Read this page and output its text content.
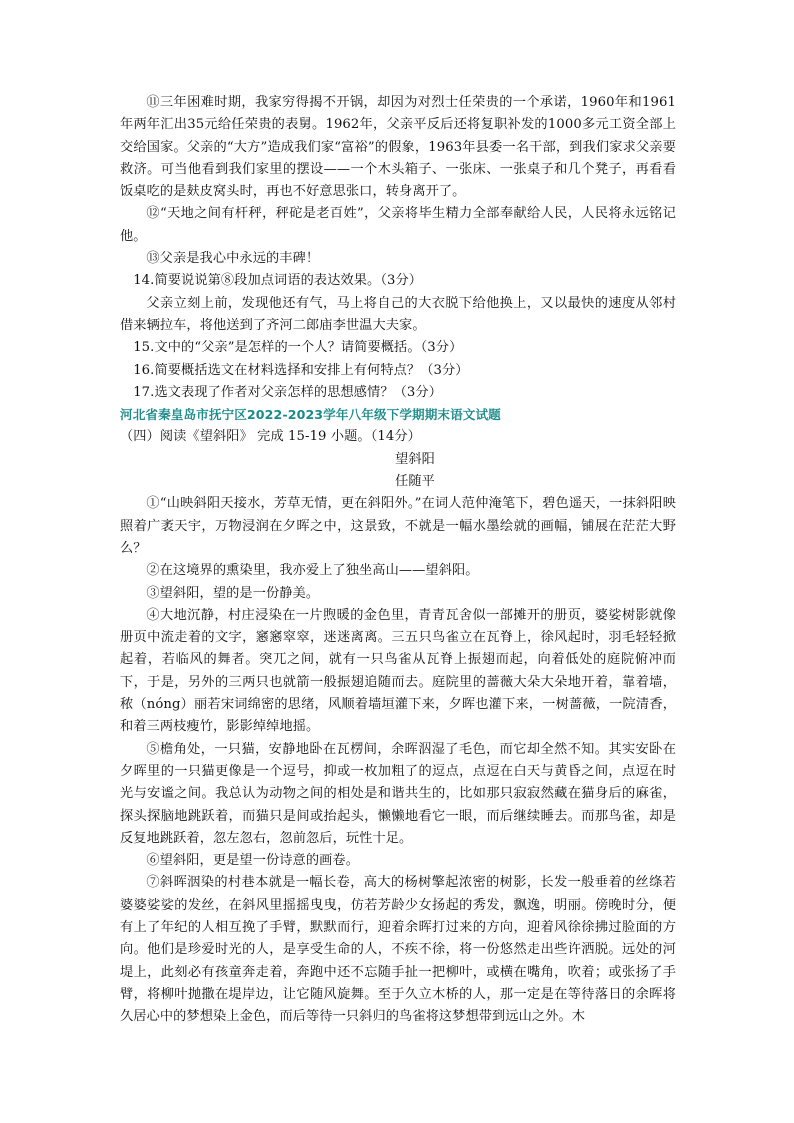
⑪三年困难时期，我家穷得揭不开锅，却因为对烈士任荣贵的一个承诺，1960年和1961年两年汇出35元给任荣贵的表舅。1962年，父亲平反后还将复职补发的1000多元工资全部上交给国家。父亲的“大方”造成我们家“富裕”的假象，1963年县委一名干部，到我们家求父亲要救济。可当他看到我们家里的摆设——一个木头箱子、一张床、一张桌子和几个凳子，再看看饭桌吃的是麸皮窝头时，再也不好意思张口，转身离开了。

⑫“天地之间有杆秤，秤砣是老百姓”，父亲将毕生精力全部奉献给人民，人民将永远铭记他。

⑬父亲是我心中永远的丰碑！

14.简要说说第⑧段加点词语的表达效果。（3分）

父亲立刻上前，发现他还有气，马上将自己的大衣脱下给他换上，又以最快的速度从邻村借来辆拉车，将他送到了齐河二郎庙李世温大夫家。

15.文中的“父亲”是怎样的一个人？请简要概括。（3分）

16.简要概括选文在材料选择和安排上有何特点？（3分）

17.选文表现了作者对父亲怎样的思想感情？（3分）

河北省秦皇岛市抚宁区2022-2023学年八年级下学期期末语文试题

（四）阅读《望斜阳》 完成 15-19 小题。（14分）

望斜阳

任随平

①“山映斜阳天接水，芳草无情，更在斜阳外。”在词人范仲淹笔下，碧色遥天，一抹斜阳映照着广袤天宇，万物浸润在夕晖之中，这景致，不就是一幅水墨绘就的画幅，铺展在茫茫大野么？

②在这境界的熏染里，我亦爱上了独坐高山——望斜阳。

③望斜阳，望的是一份静美。

④大地沉静，村庄浸染在一片煦暖的金色里，青青瓦舍似一部摊开的册页，婆娑树影就像册页中流走着的文字，窸窸窣窣，迷迷离离。三五只鸟雀立在瓦脊上，徐风起时，羽毛轻轻掀起着，若临风的舞者。突兀之间，就有一只鸟雀从瓦脊上振翅而起，向着低处的庭院俯冲而下，于是，另外的三两只也就箭一般振翅追随而去。庭院里的蔷薇大朵大朵地开着，靠着墙，秾（nóng）丽若宋词绵密的思绪，风顺着墙垣灌下来，夕晖也灌下来，一树蔷薇，一院清香，和着三两枝瘦竹，影影绰绰地摇。

⑤檐角处，一只猫，安静地卧在瓦楞间，余晖泅湿了毛色，而它却全然不知。其实安卧在夕晖里的一只猫更像是一个逗号，抑或一枚加粗了的逗点，点逗在白天与黄昏之间，点逗在时光与安谧之间。我总认为动物之间的相处是和谐共生的，比如那只寂寂然藏在猫身后的麻雀，探头探脑地跳跃着，而猫只是间或抬起头，懒懒地看它一眼，而后继续睡去。而那鸟雀，却是反复地跳跃着，忽左忽右，忽前忽后，玩性十足。

⑥望斜阳，更是望一份诗意的画卷。

⑦斜晖洇染的村巷本就是一幅长卷，高大的杨树擎起浓密的树影，长发一般垂着的丝绦若婆婆娑娑的发丝，在斜风里摇摇曳曳，仿若芳龄少女扬起的秀发，飘逸，明丽。傍晚时分，便有上了年纪的人相互挽了手臂，默默而行，迎着余晖打过来的方向，迎着风徐徐拂过脸面的方向。他们是珍爱时光的人，是享受生命的人，不疾不徐，将一份悠然走出些许洒脱。远处的河堤上，此刻必有孩童奔走着，奔跑中还不忘随手扯一把柳叶，或横在嘴角，吹着；或张扬了手臂，将柳叶抛撒在堤岸边，让它随风旋舞。至于久立木桥的人，那一定是在等待落日的余晖将久居心中的梦想染上金色，而后等待一只斜归的鸟雀将这梦想带到远山之外。木
